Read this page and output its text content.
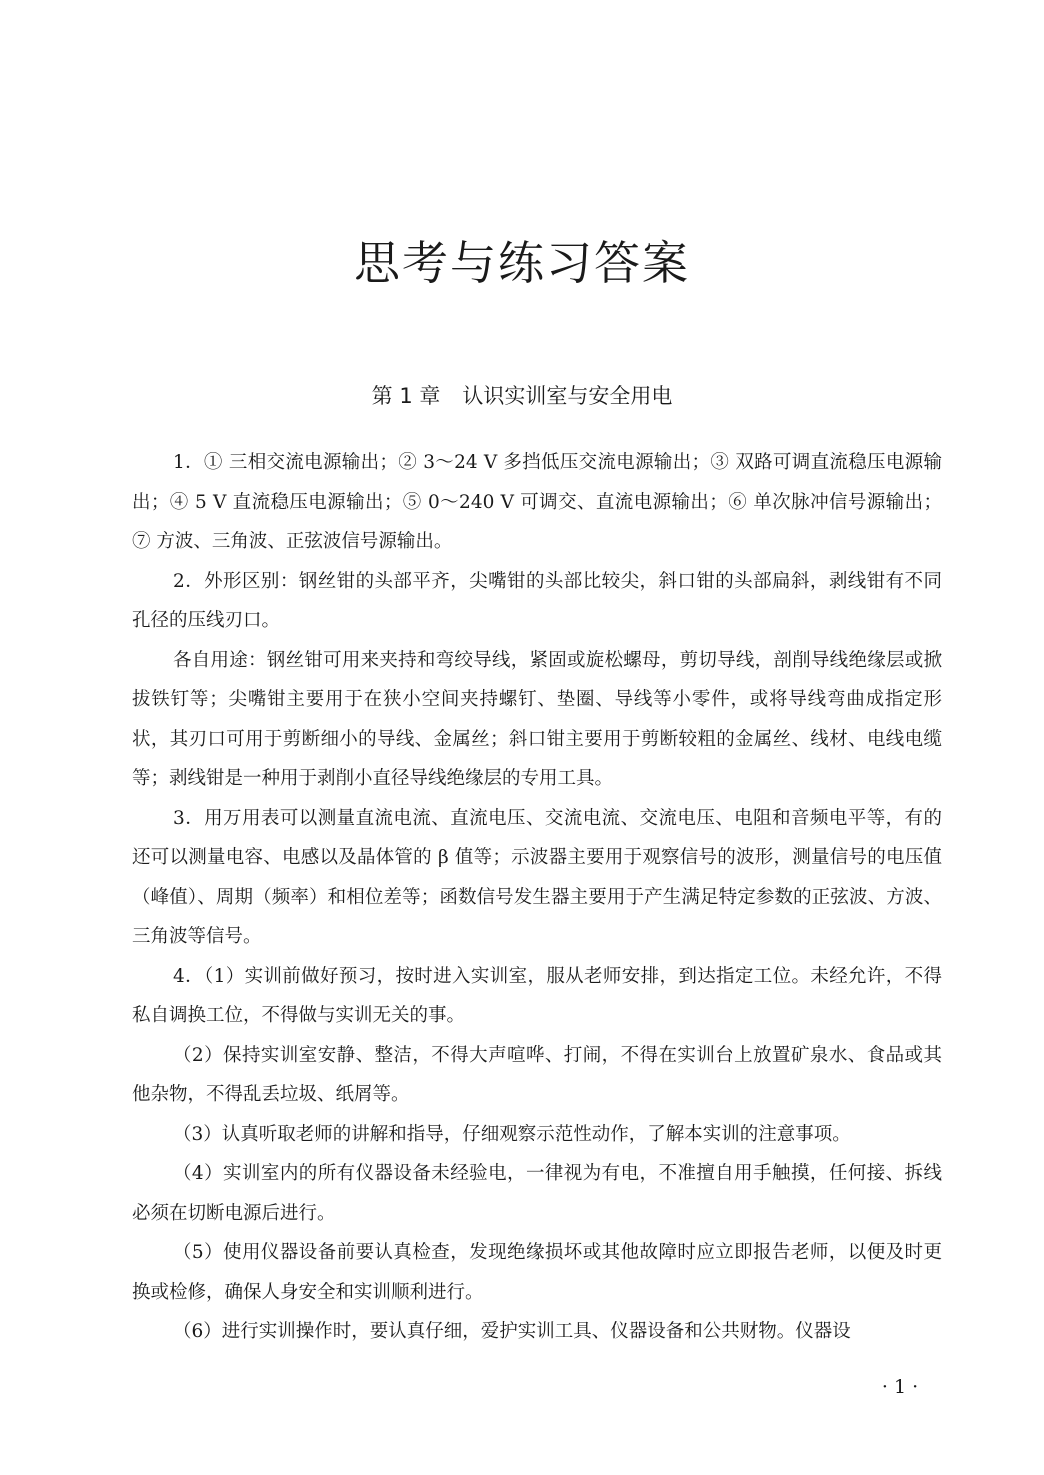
思考与练习答案
第 1 章 认识实训室与安全用电

1．① 三相交流电源输出；② 3～24 V 多挡低压交流电源输出；③ 双路可调直流稳压电源输出；④ 5 V 直流稳压电源输出；⑤ 0～240 V 可调交、直流电源输出；⑥ 单次脉冲信号源输出；⑦ 方波、三角波、正弦波信号源输出。

2．外形区别：钢丝钳的头部平齐，尖嘴钳的头部比较尖，斜口钳的头部扁斜，剥线钳有不同孔径的压线刃口。

各自用途：钢丝钳可用来夹持和弯绞导线，紧固或旋松螺母，剪切导线，剖削导线绝缘层或掀拔铁钉等；尖嘴钳主要用于在狭小空间夹持螺钉、垫圈、导线等小零件，或将导线弯曲成指定形状，其刃口可用于剪断细小的导线、金属丝；斜口钳主要用于剪断较粗的金属丝、线材、电线电缆等；剥线钳是一种用于剥削小直径导线绝缘层的专用工具。

3．用万用表可以测量直流电流、直流电压、交流电流、交流电压、电阻和音频电平等，有的还可以测量电容、电感以及晶体管的 β 值等；示波器主要用于观察信号的波形，测量信号的电压值（峰值）、周期（频率）和相位差等；函数信号发生器主要用于产生满足特定参数的正弦波、方波、三角波等信号。

4．（1）实训前做好预习，按时进入实训室，服从老师安排，到达指定工位。未经允许，不得私自调换工位，不得做与实训无关的事。

（2）保持实训室安静、整洁，不得大声喧哗、打闹，不得在实训台上放置矿泉水、食品或其他杂物，不得乱丢垃圾、纸屑等。

（3）认真听取老师的讲解和指导，仔细观察示范性动作，了解本实训的注意事项。

（4）实训室内的所有仪器设备未经验电，一律视为有电，不准擅自用手触摸，任何接、拆线必须在切断电源后进行。

（5）使用仪器设备前要认真检查，发现绝缘损坏或其他故障时应立即报告老师，以便及时更换或检修，确保人身安全和实训顺利进行。

（6）进行实训操作时，要认真仔细，爱护实训工具、仪器设备和公共财物。仪器设

· 1 ·
